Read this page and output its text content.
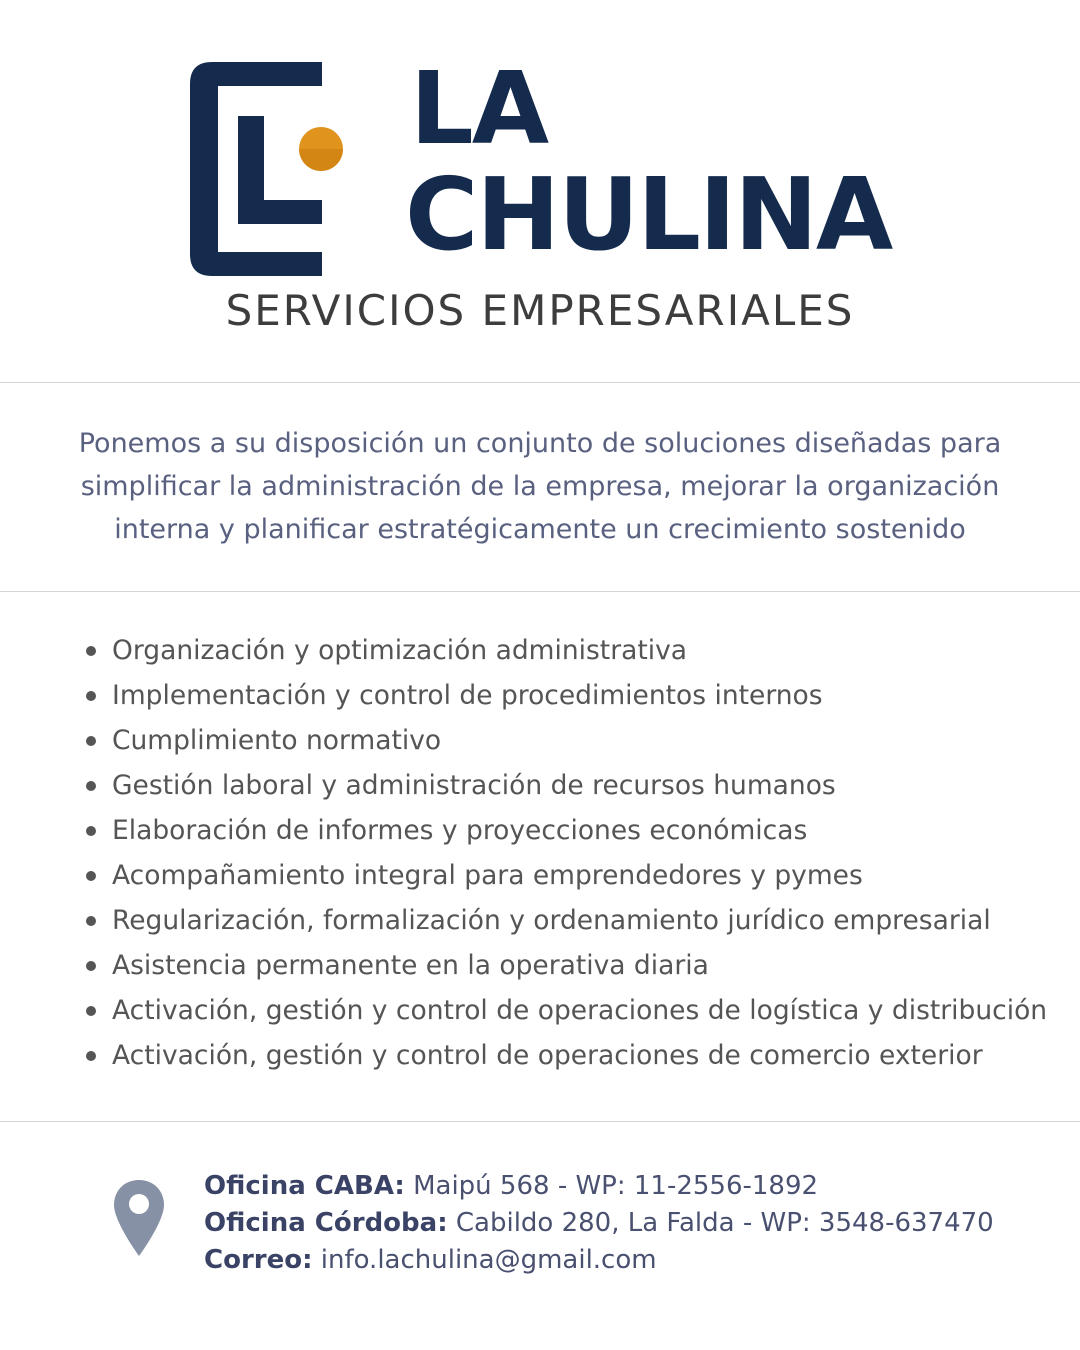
LA
CHULINA
SERVICIOS EMPRESARIALES
Ponemos a su disposición un conjunto de soluciones diseñadas para simplificar la administración de la empresa, mejorar la organización interna y planificar estratégicamente un crecimiento sostenido
Organización y optimización administrativa
Implementación y control de procedimientos internos
Cumplimiento normativo
Gestión laboral y administración de recursos humanos
Elaboración de informes y proyecciones económicas
Acompañamiento integral para emprendedores y pymes
Regularización, formalización y ordenamiento jurídico empresarial
Asistencia permanente en la operativa diaria
Activación, gestión y control de operaciones de logística y distribución
Activación, gestión y control de operaciones de comercio exterior
Oficina CABA: Maipú 568 - WP: 11-2556-1892
Oficina Córdoba: Cabildo 280, La Falda - WP: 3548-637470
Correo: info.lachulina@gmail.com
